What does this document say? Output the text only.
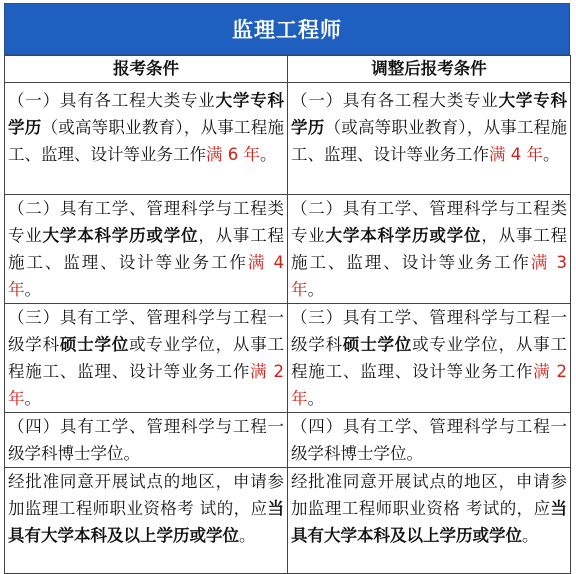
监理工程师
报考条件	调整后报考条件
（一）具有各工程大类专业大学专科学历（或高等职业教育），从事工程施工、监理、设计等业务工作满 6 年。	（一）具有各工程大类专业大学专科学历（或高等职业教育），从事工程施工、监理、设计等业务工作满 4 年。
（二）具有工学、管理科学与工程类专业大学本科学历或学位，从事工程施工、监理、设计等业务工作满 4 年。	（二）具有工学、管理科学与工程类专业大学本科学历或学位，从事工程施工、监理、设计等业务工作满 3 年。
（三）具有工学、管理科学与工程一级学科硕士学位或专业学位，从事工程施工、监理、设计等业务工作满 2 年。	（三）具有工学、管理科学与工程一级学科硕士学位或专业学位，从事工程施工、监理、设计等业务工作满 2 年。
（四）具有工学、管理科学与工程一级学科博士学位。	（四）具有工学、管理科学与工程一级学科博士学位。
经批准同意开展试点的地区，申请参加监理工程师职业资格考 试的，应当具有大学本科及以上学历或学位。	经批准同意开展试点的地区，申请参加监理工程师职业资格 考试的，应当具有大学本科及以上学历或学位。
